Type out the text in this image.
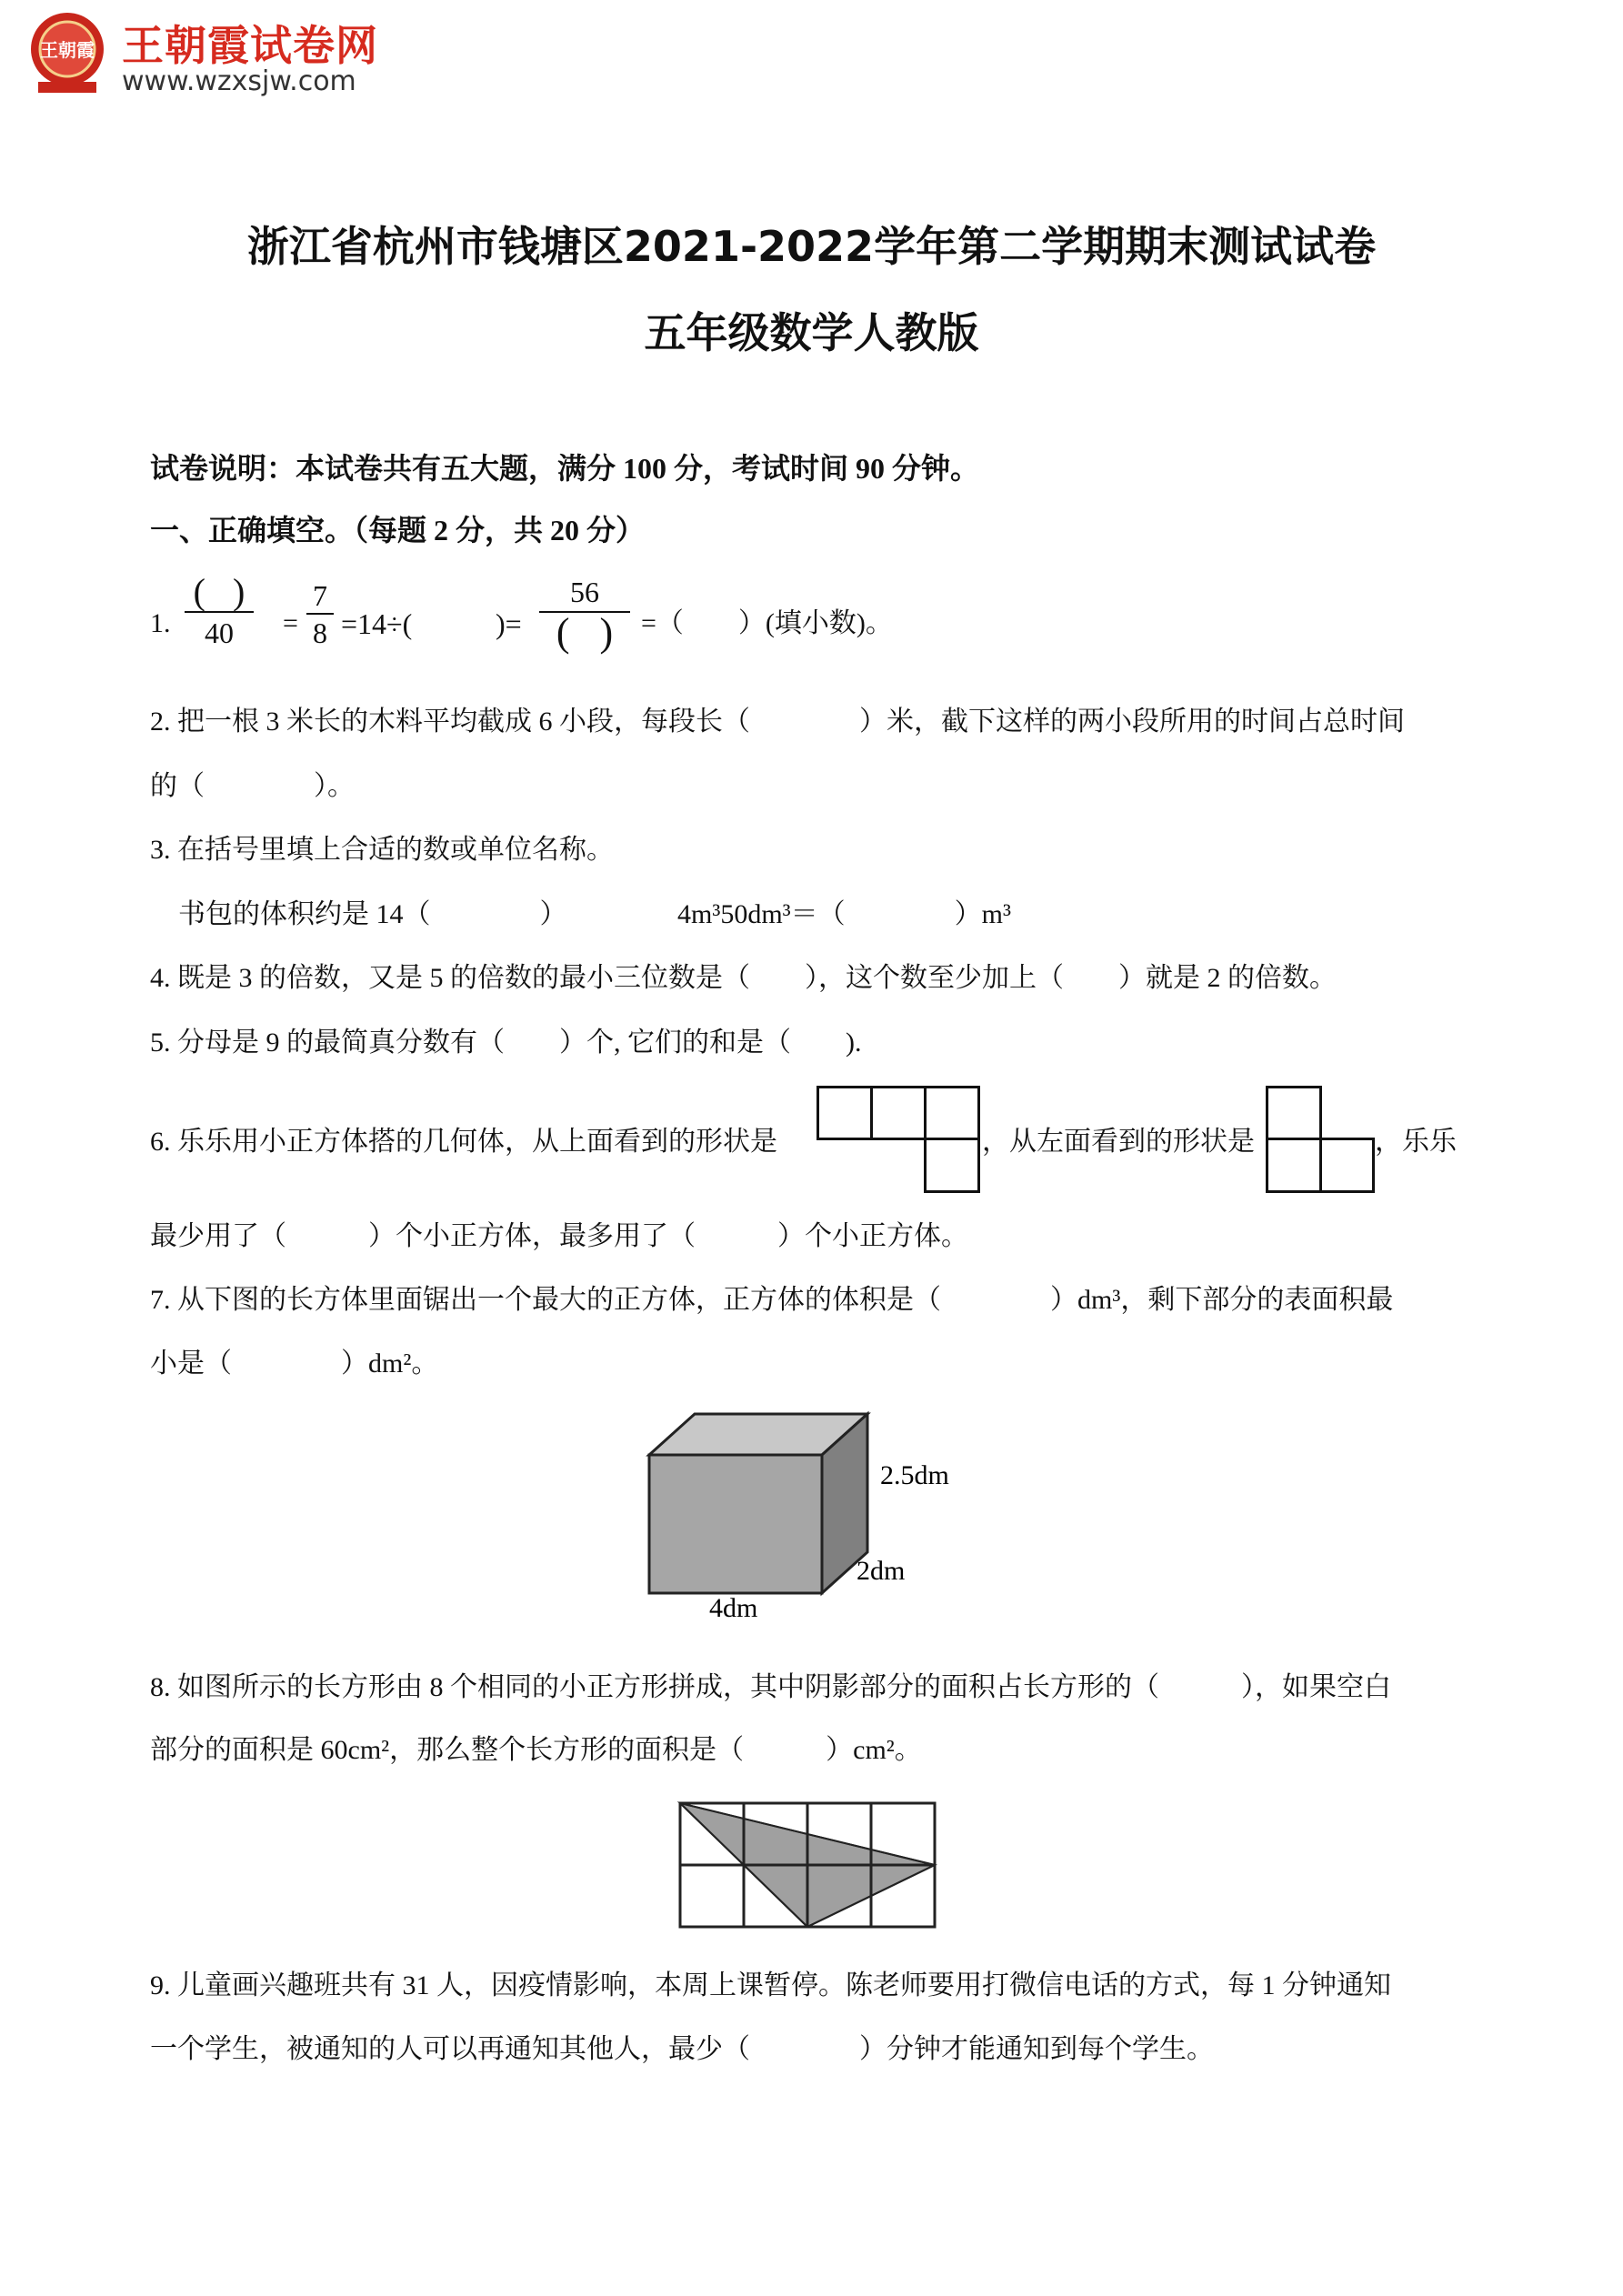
王朝霞 王朝霞试卷网
www.wzxsjw.com
浙江省杭州市钱塘区2021-2022学年第二学期期末测试试卷
五年级数学人教版
试卷说明：本试卷共有五大题，满分 100 分，考试时间 90 分钟。
一、正确填空。（每题 2 分，共 20 分）
1.
(   )
40	=
7
8 =14÷(	)=
56
(   )	=（　　）(填小数)。
2. 把一根 3 米长的木料平均截成 6 小段，每段长（　　　　）米，截下这样的两小段所用的时间占总时间
的（　　　　）。
3. 在括号里填上合适的数或单位名称。
书包的体积约是 14（　　　　）	4m³50dm³＝（　　　　）m³
4. 既是 3 的倍数，又是 5 的倍数的最小三位数是（　　），这个数至少加上（　　）就是 2 的倍数。
5. 分母是 9 的最简真分数有（　　）个, 它们的和是（　　).
6. 乐乐用小正方体搭的几何体，从上面看到的形状是	，从左面看到的形状是	，乐乐
最少用了（　　　）个小正方体，最多用了（　　　）个小正方体。
7. 从下图的长方体里面锯出一个最大的正方体，正方体的体积是（　　　　）dm³，剩下部分的表面积最
小是（　　　　）dm²。
2.5dm
2dm
4dm
8. 如图所示的长方形由 8 个相同的小正方形拼成，其中阴影部分的面积占长方形的（　　　），如果空白
部分的面积是 60cm²，那么整个长方形的面积是（　　　）cm²。
9. 儿童画兴趣班共有 31 人，因疫情影响，本周上课暂停。陈老师要用打微信电话的方式，每 1 分钟通知
一个学生，被通知的人可以再通知其他人，最少（　　　　）分钟才能通知到每个学生。
